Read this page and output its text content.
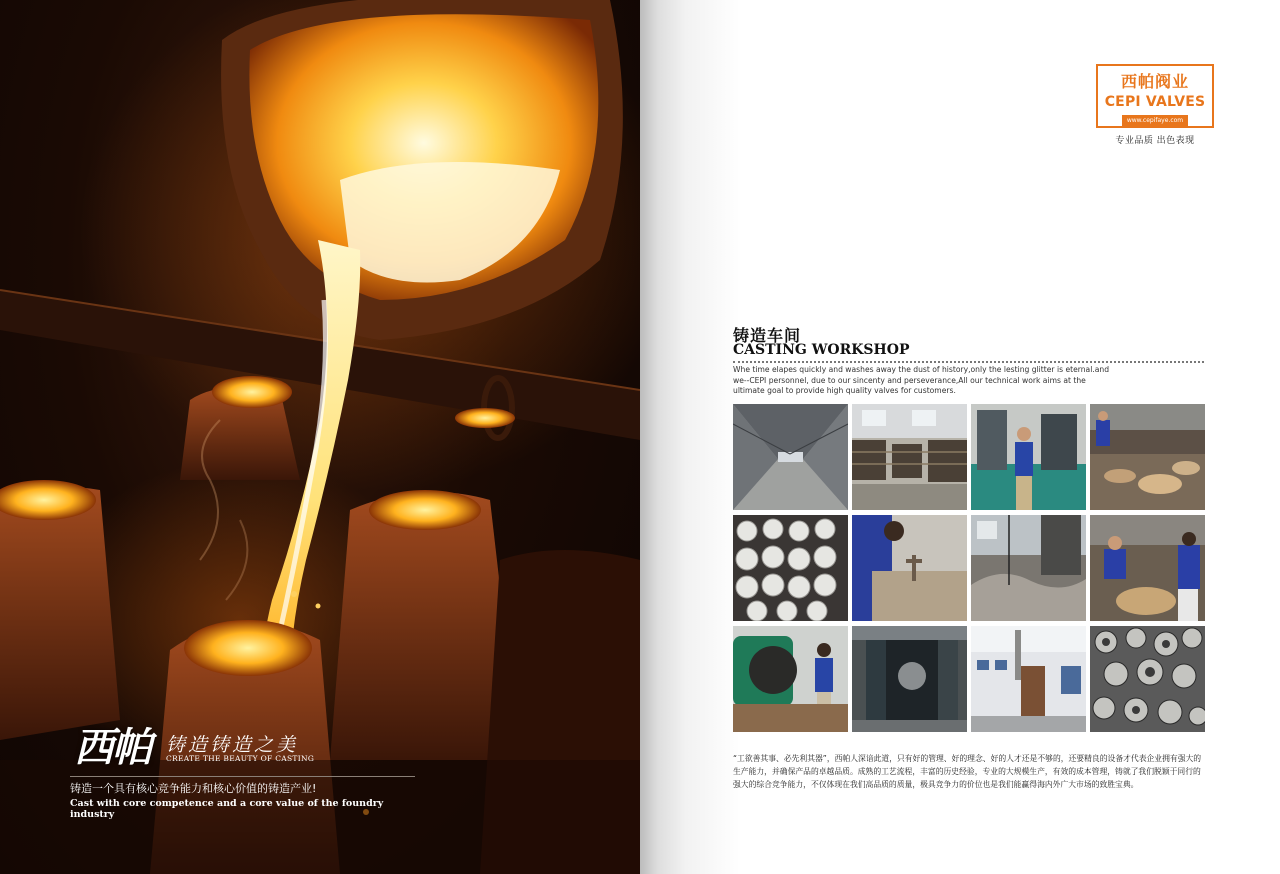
西帕 铸造铸造之美
CREATE THE BEAUTY OF CASTING
铸造一个具有核心竞争能力和核心价值的铸造产业!
Cast with core competence and a core value of the foundry industry
西帕阀业
CEPI VALVES
www.cepifaye.com
专业品质 出色表现
铸造车间
CASTING WORKSHOP
Whe time elapes quickly and washes away the dust of history,only the lesting glitter is eternal.and we--CEPI personnel, due to our sincenty and perseverance,All our technical work aims at the ultimate goal to provide high quality valves for customers.
“工欲善其事、必先利其器”，西帕人深谙此道，只有好的管理、好的理念、好的人才还是不够的，还要精良的设备才代表企业拥有强大的生产能力，并确保产品的卓越品质。成熟的工艺流程，丰富的历史经验，专业的大规模生产，有效的成本管理，铸就了我们脱颖于同行的强大的综合竞争能力，不仅体现在我们高品质的质量，极具竞争力的价位也是我们能赢得海内外广大市场的致胜宝典。
